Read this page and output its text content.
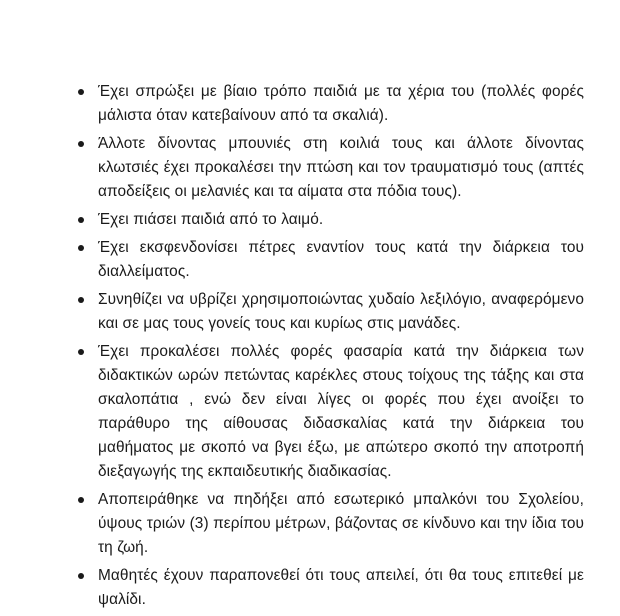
Έχει σπρώξει με βίαιο τρόπο παιδιά με τα χέρια του (πολλές φορές μάλιστα όταν κατεβαίνουν από τα σκαλιά).
Άλλοτε δίνοντας μπουνιές στη κοιλιά τους και άλλοτε δίνοντας κλωτσιές έχει προκαλέσει την πτώση και τον τραυματισμό τους (απτές αποδείξεις οι μελανιές και τα αίματα στα πόδια τους).
Έχει πιάσει παιδιά από το λαιμό.
Έχει εκσφενδονίσει πέτρες εναντίον τους κατά την διάρκεια του διαλλείματος.
Συνηθίζει να υβρίζει χρησιμοποιώντας χυδαίο λεξιλόγιο, αναφερόμενο και σε μας τους γονείς τους και κυρίως στις μανάδες.
Έχει προκαλέσει πολλές φορές φασαρία κατά την διάρκεια των διδακτικών ωρών πετώντας καρέκλες στους τοίχους της τάξης και στα σκαλοπάτια , ενώ δεν είναι λίγες οι φορές που έχει ανοίξει το παράθυρο της αίθουσας διδασκαλίας κατά την διάρκεια του μαθήματος με σκοπό να βγει έξω, με απώτερο σκοπό την αποτροπή διεξαγωγής της εκπαιδευτικής διαδικασίας.
Αποπειράθηκε να πηδήξει από εσωτερικό μπαλκόνι του Σχολείου, ύψους τριών (3) περίπου μέτρων, βάζοντας σε κίνδυνο και την ίδια του τη ζωή.
Μαθητές έχουν παραπονεθεί ότι τους απειλεί, ότι θα τους επιτεθεί με ψαλίδι.
